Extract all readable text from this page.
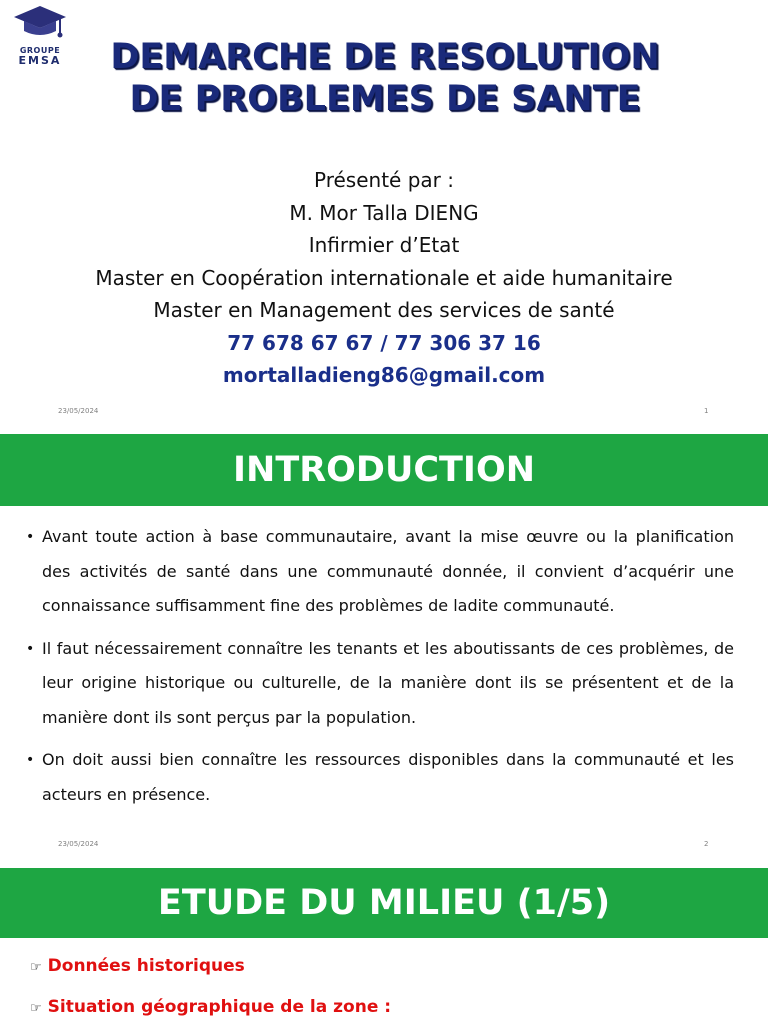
GROUPE
EMSA	DEMARCHE DE RESOLUTION
DE PROBLEMES DE SANTE
Présenté par :
M. Mor Talla DIENG
Infirmier d’Etat
Master en Coopération internationale et aide humanitaire
Master en Management des services de santé
77 678 67 67 / 77 306 37 16
mortalladieng86@gmail.com
23/05/2024	1
INTRODUCTION
• Avant toute action à base communautaire, avant la mise œuvre ou la planification des activités de santé dans une communauté donnée, il convient d’acquérir une connaissance suffisamment fine des problèmes de ladite communauté.
• Il faut nécessairement connaître les tenants et les aboutissants de ces problèmes, de leur origine historique ou culturelle, de la manière dont ils se présentent et de la manière dont ils sont perçus par la population.
• On doit aussi bien connaître les ressources disponibles dans la communauté et les acteurs en présence.
23/05/2024	2
ETUDE DU MILIEU (1/5)
☞ Données historiques
☞ Situation géographique de la zone :
